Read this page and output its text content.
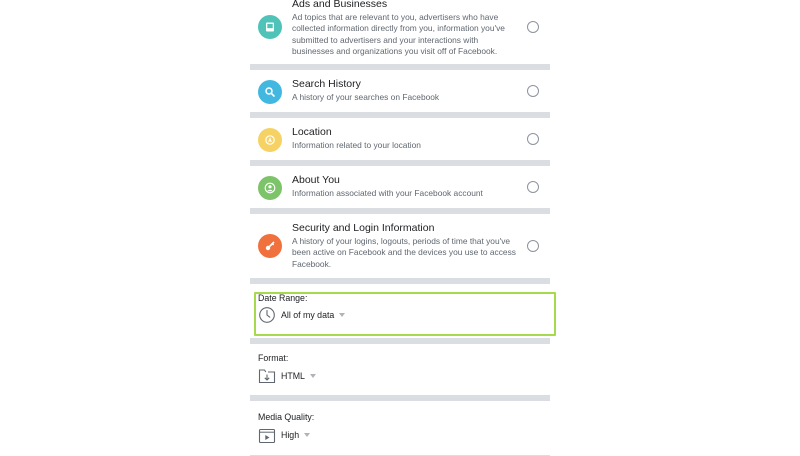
Ads and Businesses
Ad topics that are relevant to you, advertisers who have collected information directly from you, information you've submitted to advertisers and your interactions with businesses and organizations you visit off of Facebook.
Search History
A history of your searches on Facebook
Location
Information related to your location
About You
Information associated with your Facebook account
Security and Login Information
A history of your logins, logouts, periods of time that you've been active on Facebook and the devices you use to access Facebook.
Date Range:
All of my data
Format:
HTML
Media Quality:
High
